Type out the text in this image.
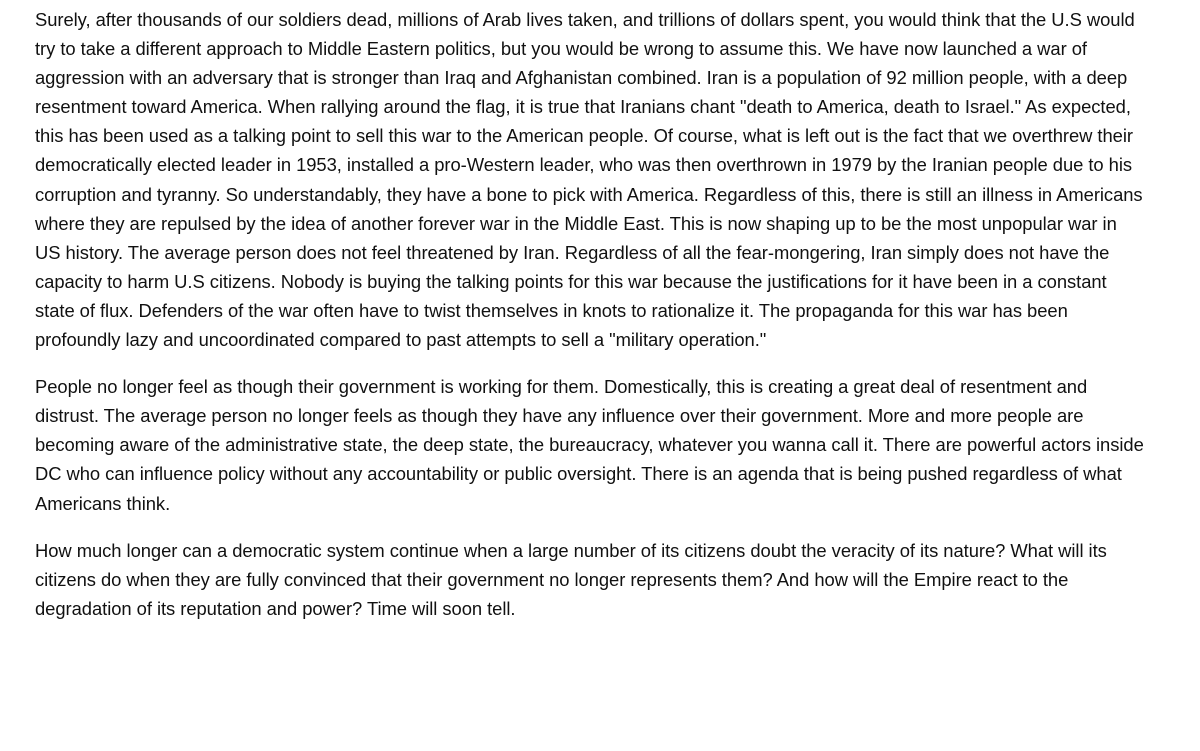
Surely, after thousands of our soldiers dead, millions of Arab lives taken, and trillions of dollars spent, you would think that the U.S would try to take a different approach to Middle Eastern politics, but you would be wrong to assume this. We have now launched a war of aggression with an adversary that is stronger than Iraq and Afghanistan combined. Iran is a population of 92 million people, with a deep resentment toward America. When rallying around the flag, it is true that Iranians chant "death to America, death to Israel." As expected, this has been used as a talking point to sell this war to the American people. Of course, what is left out is the fact that we overthrew their democratically elected leader in 1953, installed a pro-Western leader, who was then overthrown in 1979 by the Iranian people due to his corruption and tyranny. So understandably, they have a bone to pick with America. Regardless of this, there is still an illness in Americans where they are repulsed by the idea of another forever war in the Middle East. This is now shaping up to be the most unpopular war in US history. The average person does not feel threatened by Iran. Regardless of all the fear-mongering, Iran simply does not have the capacity to harm U.S citizens. Nobody is buying the talking points for this war because the justifications for it have been in a constant state of flux. Defenders of the war often have to twist themselves in knots to rationalize it. The propaganda for this war has been profoundly lazy and uncoordinated compared to past attempts to sell a "military operation."

People no longer feel as though their government is working for them. Domestically, this is creating a great deal of resentment and distrust. The average person no longer feels as though they have any influence over their government. More and more people are becoming aware of the administrative state, the deep state, the bureaucracy, whatever you wanna call it. There are powerful actors inside DC who can influence policy without any accountability or public oversight. There is an agenda that is being pushed regardless of what Americans think.

How much longer can a democratic system continue when a large number of its citizens doubt the veracity of its nature? What will its citizens do when they are fully convinced that their government no longer represents them? And how will the Empire react to the degradation of its reputation and power? Time will soon tell.
